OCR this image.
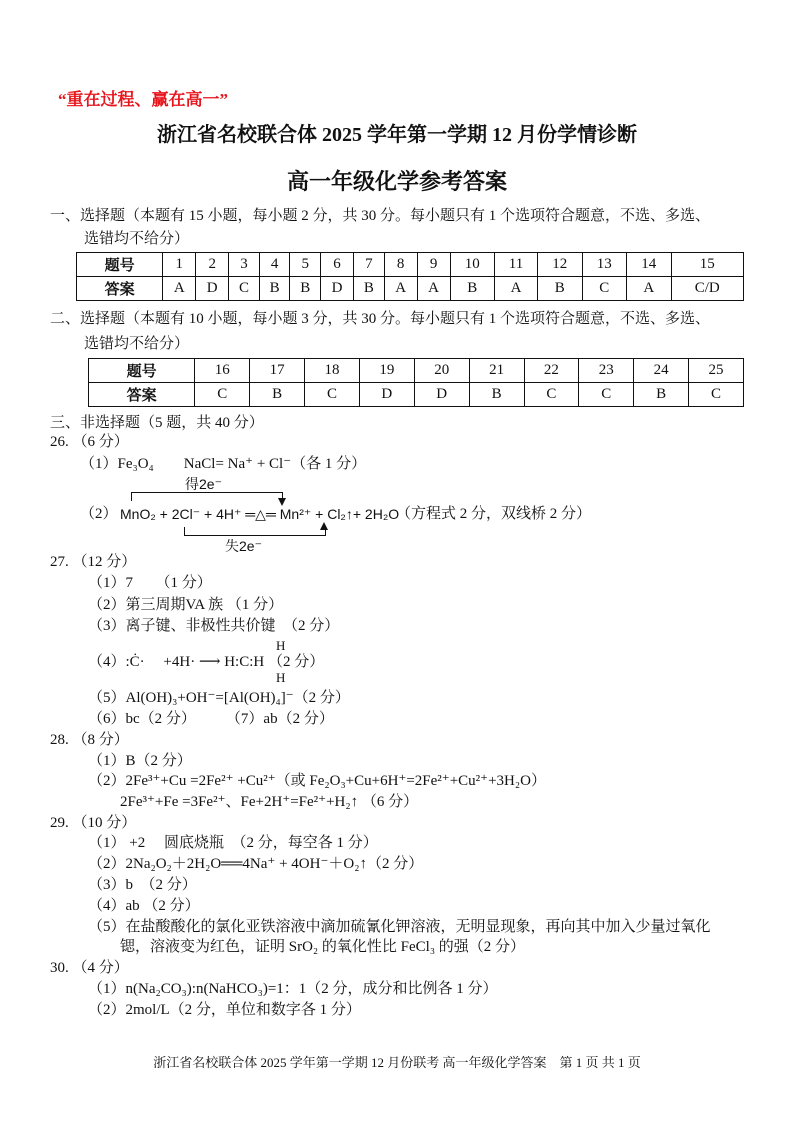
“重在过程、赢在高一”
浙江省名校联合体 2025 学年第一学期 12 月份学情诊断
高一年级化学参考答案
一、选择题（本题有 15 小题，每小题 2 分，共 30 分。每小题只有 1 个选项符合题意，不选、多选、
选错均不给分）
题号	1	2	3	4	5	6	7	8	9	10	11	12	13	14	15
答案	A	D	C	B	B	D	B	A	A	B	A	B	C	A	C/D
二、选择题（本题有 10 小题，每小题 3 分，共 30 分。每小题只有 1 个选项符合题意，不选、多选、
选错均不给分）
题号	16	17	18	19	20	21	22	23	24	25
答案	C	B	C	D	D	B	C	C	B	C
三、非选择题（5 题，共 40 分）
26. （6 分）
（1）Fe₃O₄　　NaCl= Na⁺ + Cl⁻（各 1 分）
得2e⁻
（2） MnO₂ + 2Cl⁻ + 4H⁺ ═△═ Mn²⁺ + Cl₂↑+ 2H₂O
（方程式 2 分，双线桥 2 分）
失2e⁻
27. （12 分）
（1）7　　（1 分）
（2）第三周期VA 族 （1 分）
（3）离子键、非极性共价键　（2 分）
H
（4）:Ċ·　 +4H· ⟶ H:C:H （2 分）
H
（5）Al(OH)₃+OH⁻=[Al(OH)₄]⁻（2 分）
（6）bc（2 分）　　　（7）ab（2 分）
28. （8 分）
（1）B（2 分）
（2）2Fe³⁺+Cu =2Fe²⁺ +Cu²⁺（或 Fe₂O₃+Cu+6H⁺=2Fe²⁺+Cu²⁺+3H₂O）
2Fe³⁺+Fe =3Fe²⁺、Fe+2H⁺=Fe²⁺+H₂↑ （6 分）
29. （10 分）
（1） +2　 圆底烧瓶　（2 分，每空各 1 分）
（2）2Na₂O₂＋2H₂O══4Na⁺ + 4OH⁻＋O₂↑（2 分）
（3）b　（2 分）
（4）ab （2 分）
（5）在盐酸酸化的氯化亚铁溶液中滴加硫氰化钾溶液，无明显现象，再向其中加入少量过氧化
锶，溶液变为红色，证明 SrO₂ 的氧化性比 FeCl₃ 的强（2 分）
30. （4 分）
（1）n(Na₂CO₃):n(NaHCO₃)=1：1（2 分，成分和比例各 1 分）
（2）2mol/L（2 分，单位和数字各 1 分）
浙江省名校联合体 2025 学年第一学期 12 月份联考 高一年级化学答案　第 1 页 共 1 页
